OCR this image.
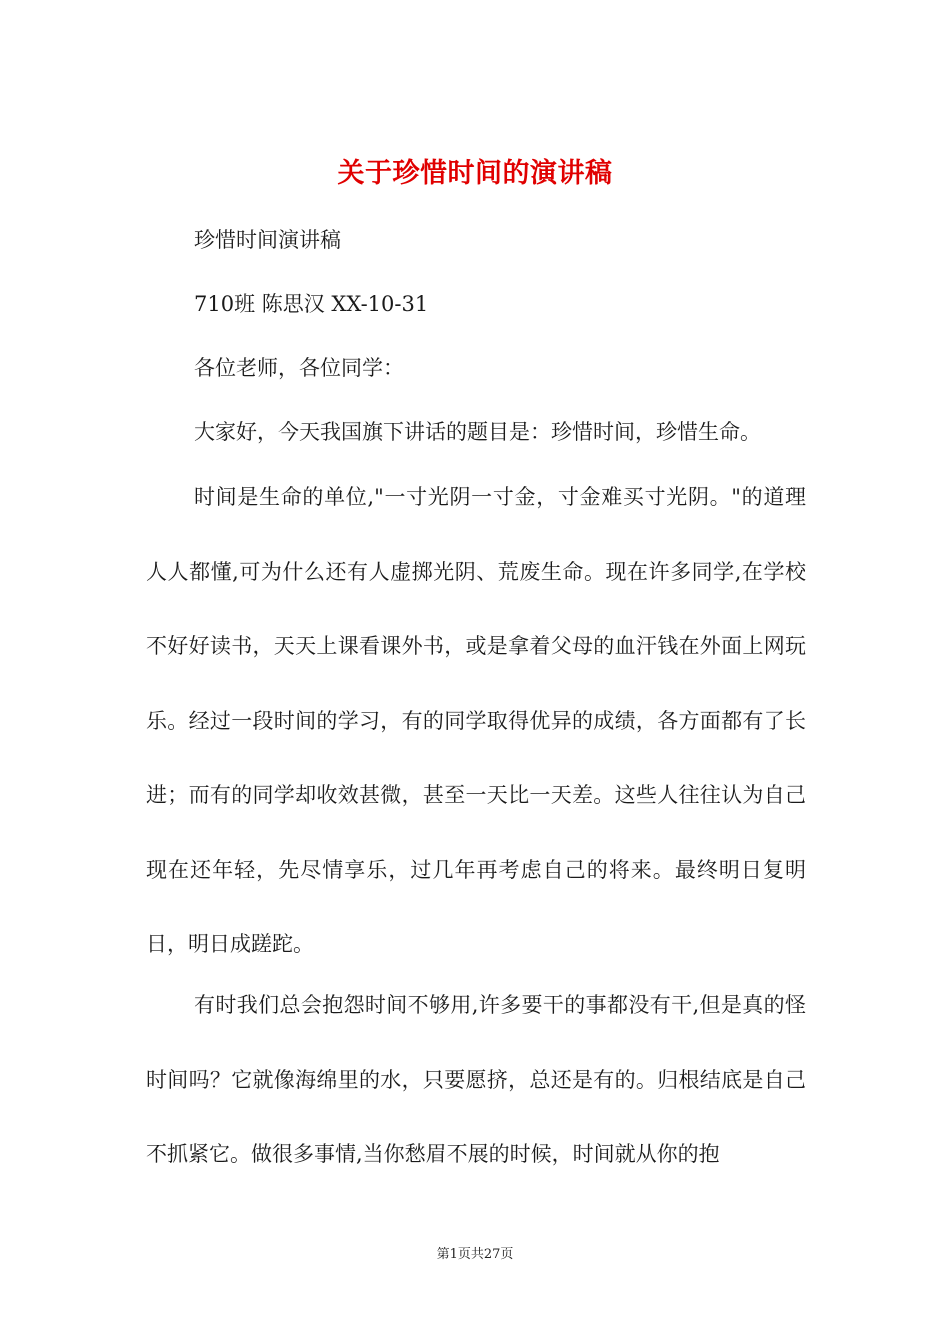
关于珍惜时间的演讲稿
珍惜时间演讲稿
710班 陈思汉 XX-10-31
各位老师，各位同学：
大家好，今天我国旗下讲话的题目是：珍惜时间，珍惜生命。

时间是生命的单位,"一寸光阴一寸金，寸金难买寸光阴。"的道理人人都懂,可为什么还有人虚掷光阴、荒废生命。现在许多同学,在学校不好好读书，天天上课看课外书，或是拿着父母的血汗钱在外面上网玩乐。经过一段时间的学习，有的同学取得优异的成绩，各方面都有了长进；而有的同学却收效甚微，甚至一天比一天差。这些人往往认为自己现在还年轻，先尽情享乐，过几年再考虑自己的将来。最终明日复明日，明日成蹉跎。

有时我们总会抱怨时间不够用,许多要干的事都没有干,但是真的怪时间吗？它就像海绵里的水，只要愿挤，总还是有的。归根结底是自己不抓紧它。做很多事情,当你愁眉不展的时候，时间就从你的抱

第1页共27页
